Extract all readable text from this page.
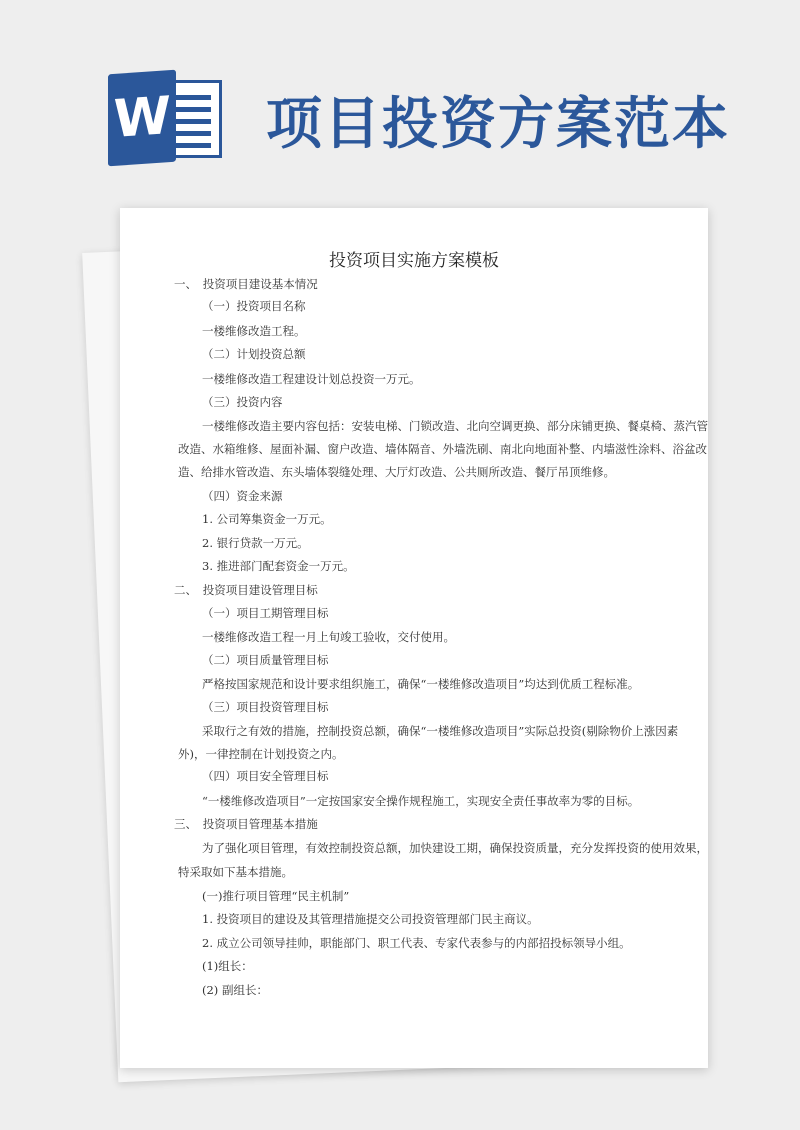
W 项目投资方案范本
投资项目实施方案模板
一、　投资项目建设基本情况
（一）投资项目名称
一楼维修改造工程。
（二）计划投资总额
一楼维修改造工程建设计划总投资一万元。
（三）投资内容
一楼维修改造主要内容包括：安装电梯、门锁改造、北向空调更换、部分床铺更换、餐桌椅、蒸汽管
改造、水箱维修、屋面补漏、窗户改造、墙体隔音、外墙洗刷、南北向地面补整、内墙滋性涂料、浴盆改
造、给排水管改造、东头墙体裂缝处理、大厅灯改造、公共厕所改造、餐厅吊顶维修。
（四）资金来源
1. 公司筹集资金一万元。
2. 银行贷款一万元。
3. 推进部门配套资金一万元。
二、　投资项目建设管理目标
（一）项目工期管理目标
一楼维修改造工程一月上旬竣工验收，交付使用。
（二）项目质量管理目标
严格按国家规范和设计要求组织施工，确保“一楼维修改造项目”均达到优质工程标准。
（三）项目投资管理目标
采取行之有效的措施，控制投资总额，确保“一楼维修改造项目”实际总投资(剔除物价上涨因素
外)，一律控制在计划投资之内。
（四）项目安全管理目标
“一楼维修改造项目”一定按国家安全操作规程施工，实现安全责任事故率为零的目标。
三、　投资项目管理基本措施
为了强化项目管理，有效控制投资总额，加快建设工期，确保投资质量，充分发挥投资的使用效果，
特采取如下基本措施。
(一)推行项目管理“民主机制”
1. 投资项目的建设及其管理措施提交公司投资管理部门民主商议。
2. 成立公司领导挂帅，职能部门、职工代表、专家代表参与的内部招投标领导小组。
(1)组长：
(2) 副组长：
